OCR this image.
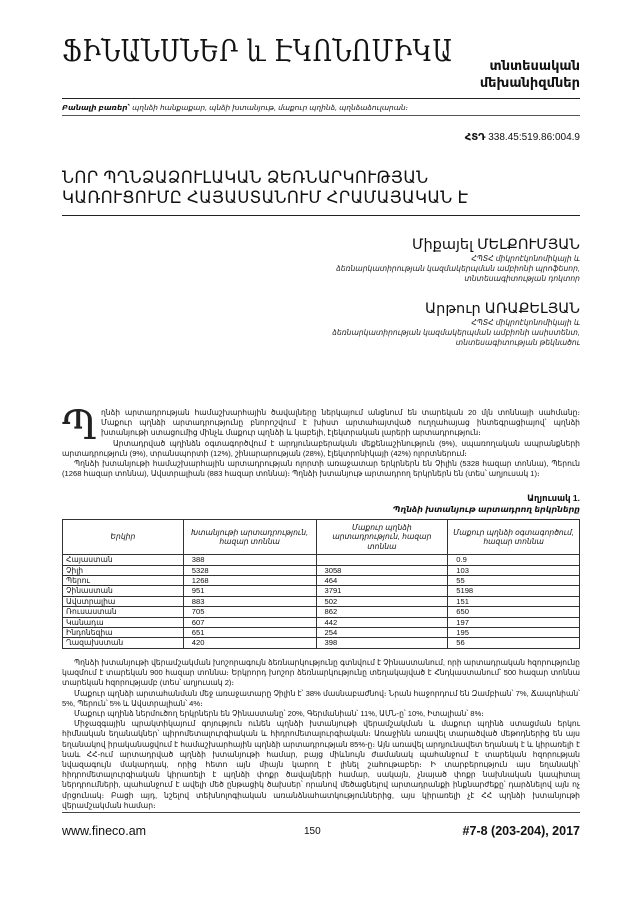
ՖԻՆԱՆՍՆԵՐ և ԷԿՈՆՈՄԻԿԱ	տնտեսական
մեխանիզմներ
Բանալի բառեր՝ պղնձի հանքաքար, պնձի խտանյութ, մաքուր պղինձ, պղնձաձուլարան։
ՀՏԴ 338.45:519.86:004.9
ՆՈՐ ՊՂՆՁԱՁՈՒԼԱԿԱՆ ՁԵՌՆԱՐԿՈՒԹՅԱՆ
ԿԱՌՈՒՑՈՒՄԸ ՀԱՅԱՍՏԱՆՈՒՄ ՀՐԱՄԱՅԱԿԱՆ Է
Միքայել ՄԵԼՔՈՒՄՅԱՆ
ՀՊՏՀ միկրոէկոնոմիկայի և
ձեռնարկատիրության կազմակերպման ամբիոնի պրոֆեսոր,
տնտեսագիտության դոկտոր
Արթուր ԱՌԱՔԵԼՅԱՆ
ՀՊՏՀ միկրոէկոնոմիկայի և
ձեռնարկատիրության կազմակերպման ամբիոնի ասիստենտ,
տնտեսագիտության թեկնածու

Պղնձի արտադրության համաշխարհային ծավալները ներկայում անցնում են տարեկան 20 մլն տոննայի սահմանը։ Մաքուր պղնձի արտադրությունը բնորոշվում է խիստ արտահայտված ուղղահայաց ինտեգրացիայով՝ պղնձի խտանյութի ստացումից մինչև մաքուր պղնձի և կաբելի, էլեկտրական լարերի արտադրություն։

Արտադրված պղինձն օգտագործվում է արդյունաբերական մեքենաշինություն (9%), սպառողական ապրանքների արտադրություն (9%), տրանսպորտի (12%), շինարարության (28%), էլեկտրոնիկայի (42%) ոլորտներում։

Պղնձի խտանյութի համաշխարհային արտադրության ոլորտի առաջատար երկրներն են Չիլին (5328 հազար տոննա), Պերուն (1268 հազար տոննա), Ավստրալիան (883 հազար տոննա)։ Պղնձի խտանյութ արտադրող երկրներն են (տես՝ աղյուսակ 1)։

Աղյուսակ 1.
Պղնձի խտանյութ արտադրող երկրները
Երկիր	Խտանյութի արտադրություն, հազար տոննա	Մաքուր պղնձի արտադրություն, հազար տոննա	Մաքուր պղնձի օգտագործում, հազար տոննա
Հայաստան	388		0.9
Չիլի	5328	3058	103
Պերու	1268	464	55
Չինաստան	951	3791	5198
Ավստրալիա	883	502	151
Ռուսաստան	705	862	650
Կանադա	607	442	197
Ինդոնեզիա	651	254	195
Ղազախստան	420	398	56

Պղնձի խտանյութի վերամշակման խոշորագույն ձեռնարկությունը գտնվում է Չինաստանում, որի արտադրական հզորությունը կազմում է տարեկան 900 հազար տոննա։ Երկրորդ խոշոր ձեռնարկությունը տեղակայված է Հնդկաստանում՝ 500 հազար տոննա տարեկան հզորությամբ (տես՝ աղյուսակ 2)։

Մաքուր պղնձի արտահանման մեջ առաջատարը Չիլին է՝ 38% մասնաբաժնով։ Նրան հաջորդում են Զամբիան՝ 7%, Ճապոնիան՝ 5%, Պերուն՝ 5% և Ավստրալիան՝ 4%։

Մաքուր պղինձ ներմուծող երկրներն են Չինաստանը՝ 20%, Գերմանիան՝ 11%, ԱՄՆ-ը՝ 10%, Իտալիան՝ 8%։

Միջազգային պրակտիկայում գոյություն ունեն պղնձի խտանյութի վերամշակման և մաքուր պղինձ ստացման երկու հիմնական եղանակներ՝ պիրոմետալուրգիական և հիդրոմետալուրգիական։ Առաջինն առավել տարածված մեթոդներից են այս եղանակով իրականացվում է համաշխարհային պղնձի արտադրության 85%-ը։ Այն առավել արդյունավետ եղանակ է և կիրառելի է նաև ՀՀ-ում արտադրված պղնձի խտանյութի համար, բայց միևնույն ժամանակ պահանջում է տարեկան հզորության նվազագույն մակարդակ, որից հետո այն միայն կարող է լինել շահութաբեր։ Ի տարբերություն այս եղանակի՝ հիդրոմետալուրգիական կիրառելի է պղնձի փոքր ծավալների համար, սակայն, չնայած փոքր նախնական կապիտալ ներդրումների, պահանջում է ավելի մեծ ընթացիկ ծախսեր՝ որանով մեծացնելով արտադրանքի ինքնարժեքը՝ դարձնելով այն ոչ մրցունակ։ Բացի այդ, նշելով տեխնոլոգիական առանձնահատկություններից, այս կիրառելի չէ ՀՀ պղնձի խտանյութի վերամշակման համար։

www.fineco.am	150	#7-8 (203-204), 2017
